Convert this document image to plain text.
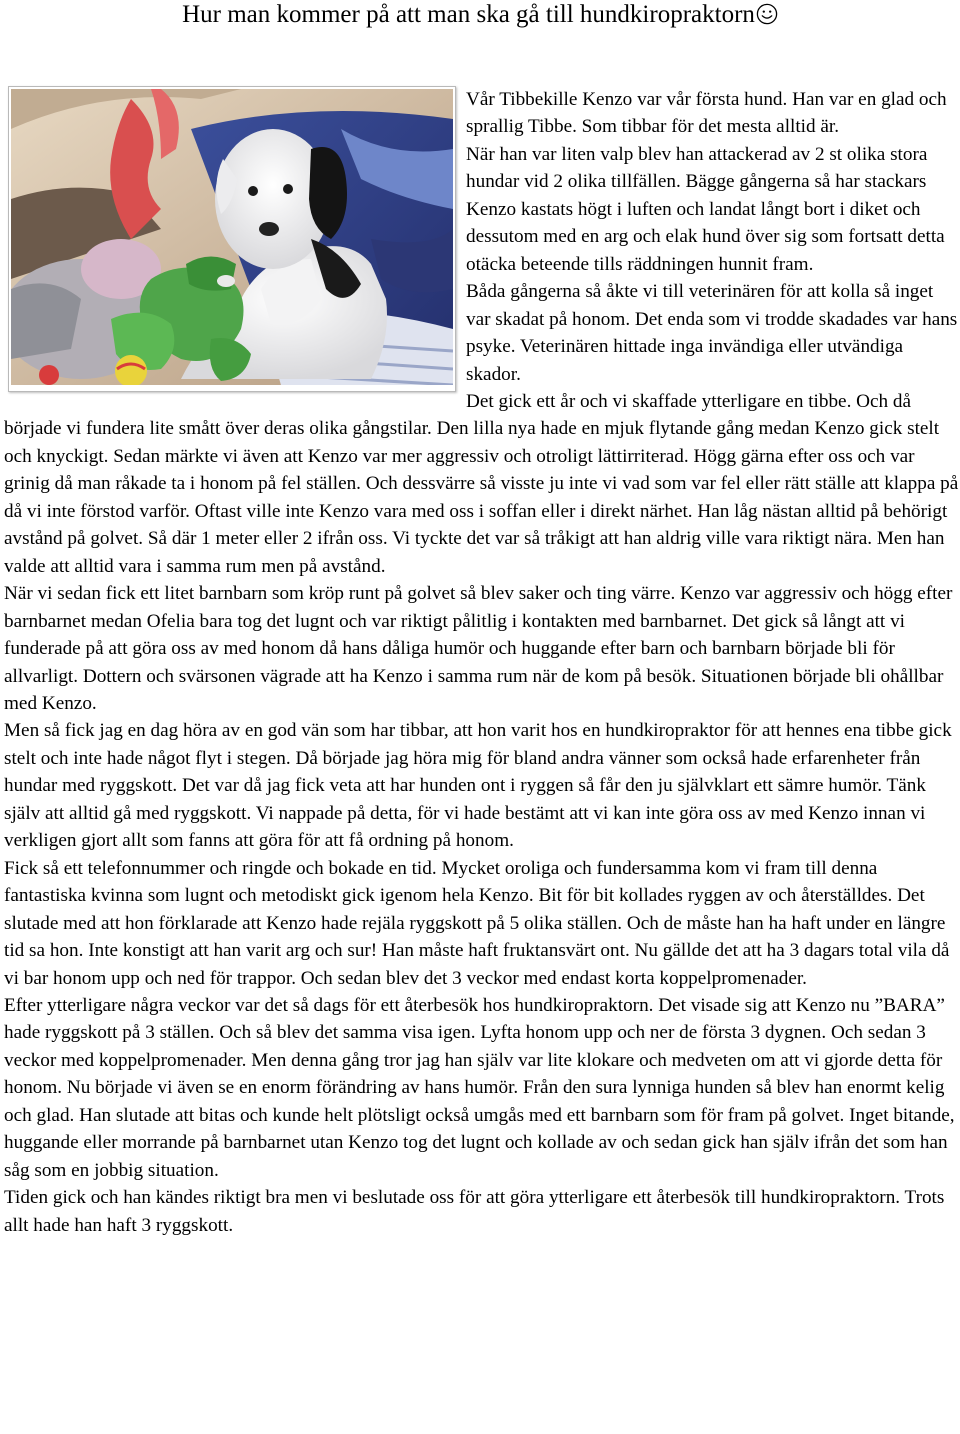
Hur man kommer på att man ska gå till hundkiropraktorn

Vår Tibbekille Kenzo var vår första hund. Han var en glad och sprallig Tibbe. Som tibbar för det mesta alltid är.

När han var liten valp blev han attackerad av 2 st olika stora hundar vid 2 olika tillfällen. Bägge gångerna så har stackars Kenzo kastats högt i luften och landat långt bort i diket och dessutom med en arg och elak hund över sig som fortsatt detta otäcka beteende tills räddningen hunnit fram.

Båda gångerna så åkte vi till veterinären för att kolla så inget var skadat på honom. Det enda som vi trodde skadades var hans psyke. Veterinären hittade inga invändiga eller utvändiga skador.

Det gick ett år och vi skaffade ytterligare en tibbe. Och då började vi fundera lite smått över deras olika gångstilar. Den lilla nya hade en mjuk flytande gång medan Kenzo gick stelt och knyckigt. Sedan märkte vi även att Kenzo var mer aggressiv och otroligt lättirriterad. Högg gärna efter oss och var grinig då man råkade ta i honom på fel ställen. Och dessvärre så visste ju inte vi vad som var fel eller rätt ställe att klappa på då vi inte förstod varför. Oftast ville inte Kenzo vara med oss i soffan eller i direkt närhet. Han låg nästan alltid på behörigt avstånd på golvet. Så där 1 meter eller 2 ifrån oss. Vi tyckte det var så tråkigt att han aldrig ville vara riktigt nära. Men han valde att alltid vara i samma rum men på avstånd.

När vi sedan fick ett litet barnbarn som kröp runt på golvet så blev saker och ting värre. Kenzo var aggressiv och högg efter barnbarnet medan Ofelia bara tog det lugnt och var riktigt pålitlig i kontakten med barnbarnet. Det gick så långt att vi funderade på att göra oss av med honom då hans dåliga humör och huggande efter barn och barnbarn började bli för allvarligt. Dottern och svärsonen vägrade att ha Kenzo i samma rum när de kom på besök. Situationen började bli ohållbar med Kenzo.

Men så fick jag en dag höra av en god vän som har tibbar, att hon varit hos en hundkiropraktor för att hennes ena tibbe gick stelt och inte hade något flyt i stegen. Då började jag höra mig för bland andra vänner som också hade erfarenheter från hundar med ryggskott. Det var då jag fick veta att har hunden ont i ryggen så får den ju självklart ett sämre humör. Tänk själv att alltid gå med ryggskott. Vi nappade på detta, för vi hade bestämt att vi kan inte göra oss av med Kenzo innan vi verkligen gjort allt som fanns att göra för att få ordning på honom.

Fick så ett telefonnummer och ringde och bokade en tid. Mycket oroliga och fundersamma kom vi fram till denna fantastiska kvinna som lugnt och metodiskt gick igenom hela Kenzo. Bit för bit kollades ryggen av och återställdes. Det slutade med att hon förklarade att Kenzo hade rejäla ryggskott på 5 olika ställen. Och de måste han ha haft under en längre tid sa hon. Inte konstigt att han varit arg och sur! Han måste haft fruktansvärt ont. Nu gällde det att ha 3 dagars total vila då vi bar honom upp och ned för trappor. Och sedan blev det 3 veckor med endast korta koppelpromenader.

Efter ytterligare några veckor var det så dags för ett återbesök hos hundkiropraktorn. Det visade sig att Kenzo nu ”BARA” hade ryggskott på 3 ställen. Och så blev det samma visa igen. Lyfta honom upp och ner de första 3 dygnen. Och sedan 3 veckor med koppelpromenader. Men denna gång tror jag han själv var lite klokare och medveten om att vi gjorde detta för honom. Nu började vi även se en enorm förändring av hans humör. Från den sura lynniga hunden så blev han enormt kelig och glad. Han slutade att bitas och kunde helt plötsligt också umgås med ett barnbarn som för fram på golvet. Inget bitande, huggande eller morrande på barnbarnet utan Kenzo tog det lugnt och kollade av och sedan gick han själv ifrån det som han såg som en jobbig situation.

Tiden gick och han kändes riktigt bra men vi beslutade oss för att göra ytterligare ett återbesök till hundkiropraktorn. Trots allt hade han haft 3 ryggskott.
